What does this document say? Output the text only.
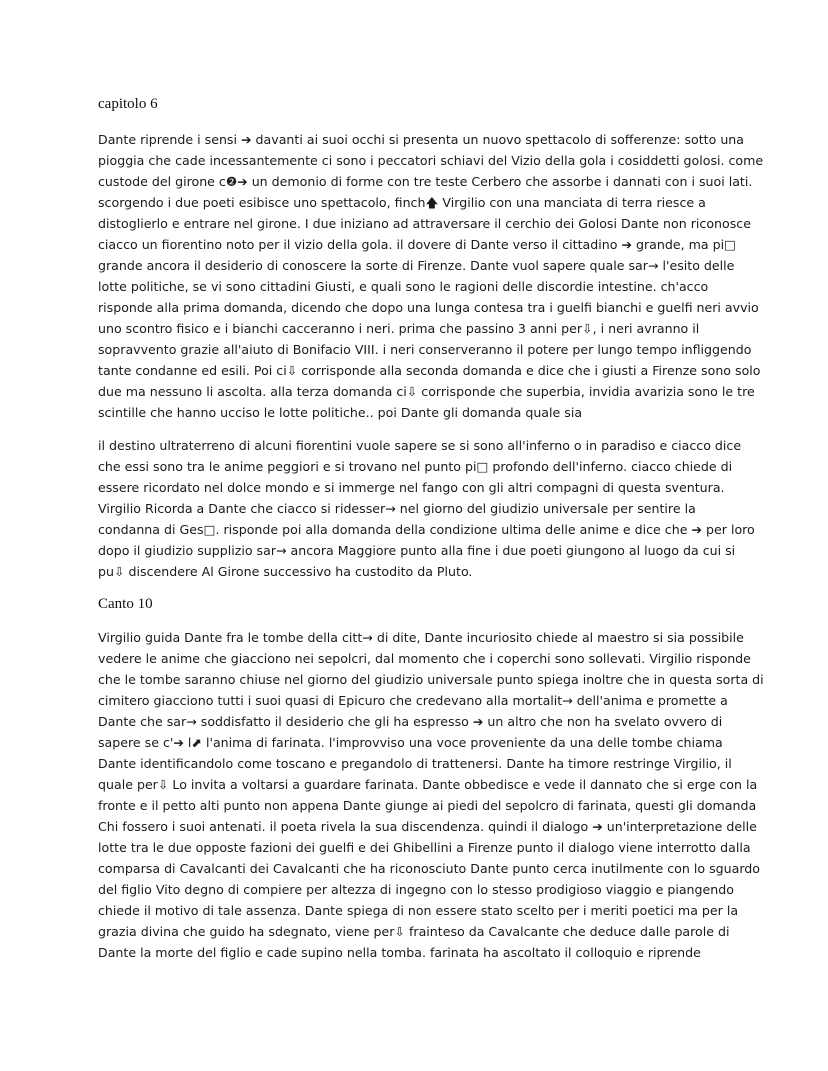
capitolo 6
Dante riprende i sensi ➔ davanti ai suoi occhi si presenta un nuovo spettacolo di sofferenze: sotto una
pioggia che cade incessantemente ci sono i peccatori schiavi del Vizio della gola i cosiddetti golosi. come
custode del girone c❷➔ un demonio di forme con tre teste Cerbero che assorbe i dannati con i suoi lati.
scorgendo i due poeti esibisce uno spettacolo, finch🡅 Virgilio con una manciata di terra riesce a
distoglierlo e entrare nel girone. I due iniziano ad attraversare il cerchio dei Golosi Dante non riconosce
ciacco un fiorentino noto per il vizio della gola. il dovere di Dante verso il cittadino ➔ grande, ma pi□
grande ancora il desiderio di conoscere la sorte di Firenze. Dante vuol sapere quale sar→ l'esito delle
lotte politiche, se vi sono cittadini Giusti, e quali sono le ragioni delle discordie intestine. ch'acco
risponde alla prima domanda, dicendo che dopo una lunga contesa tra i guelfi bianchi e guelfi neri avvio
uno scontro fisico e i bianchi cacceranno i neri. prima che passino 3 anni per⇩, i neri avranno il
sopravvento grazie all'aiuto di Bonifacio VIII. i neri conserveranno il potere per lungo tempo infliggendo
tante condanne ed esili. Poi ci⇩ corrisponde alla seconda domanda e dice che i giusti a Firenze sono solo
due ma nessuno li ascolta. alla terza domanda ci⇩ corrisponde che superbia, invidia avarizia sono le tre
scintille che hanno ucciso le lotte politiche.. poi Dante gli domanda quale sia
il destino ultraterreno di alcuni fiorentini vuole sapere se si sono all'inferno o in paradiso e ciacco dice
che essi sono tra le anime peggiori e si trovano nel punto pi□ profondo dell'inferno. ciacco chiede di
essere ricordato nel dolce mondo e si immerge nel fango con gli altri compagni di questa sventura.
Virgilio Ricorda a Dante che ciacco si ridesser→ nel giorno del giudizio universale per sentire la
condanna di Ges□. risponde poi alla domanda della condizione ultima delle anime e dice che ➔ per loro
dopo il giudizio supplizio sar→ ancora Maggiore punto alla fine i due poeti giungono al luogo da cui si
pu⇩ discendere Al Girone successivo ha custodito da Pluto.
Canto 10
Virgilio guida Dante fra le tombe della citt→ di dite, Dante incuriosito chiede al maestro si sia possibile
vedere le anime che giacciono nei sepolcri, dal momento che i coperchi sono sollevati. Virgilio risponde
che le tombe saranno chiuse nel giorno del giudizio universale punto spiega inoltre che in questa sorta di
cimitero giacciono tutti i suoi quasi di Epicuro che credevano alla mortalit→ dell'anima e promette a
Dante che sar→ soddisfatto il desiderio che gli ha espresso ➔ un altro che non ha svelato ovvero di
sapere se c'➔ l⬈ l'anima di farinata. l'improvviso una voce proveniente da una delle tombe chiama
Dante identificandolo come toscano e pregandolo di trattenersi. Dante ha timore restringe Virgilio, il
quale per⇩ Lo invita a voltarsi a guardare farinata. Dante obbedisce e vede il dannato che si erge con la
fronte e il petto alti punto non appena Dante giunge ai piedi del sepolcro di farinata, questi gli domanda
Chi fossero i suoi antenati. il poeta rivela la sua discendenza. quindi il dialogo ➔ un'interpretazione delle
lotte tra le due opposte fazioni dei guelfi e dei Ghibellini a Firenze punto il dialogo viene interrotto dalla
comparsa di Cavalcanti dei Cavalcanti che ha riconosciuto Dante punto cerca inutilmente con lo sguardo
del figlio Vito degno di compiere per altezza di ingegno con lo stesso prodigioso viaggio e piangendo
chiede il motivo di tale assenza. Dante spiega di non essere stato scelto per i meriti poetici ma per la
grazia divina che guido ha sdegnato, viene per⇩ frainteso da Cavalcante che deduce dalle parole di
Dante la morte del figlio e cade supino nella tomba. farinata ha ascoltato il colloquio e riprende
